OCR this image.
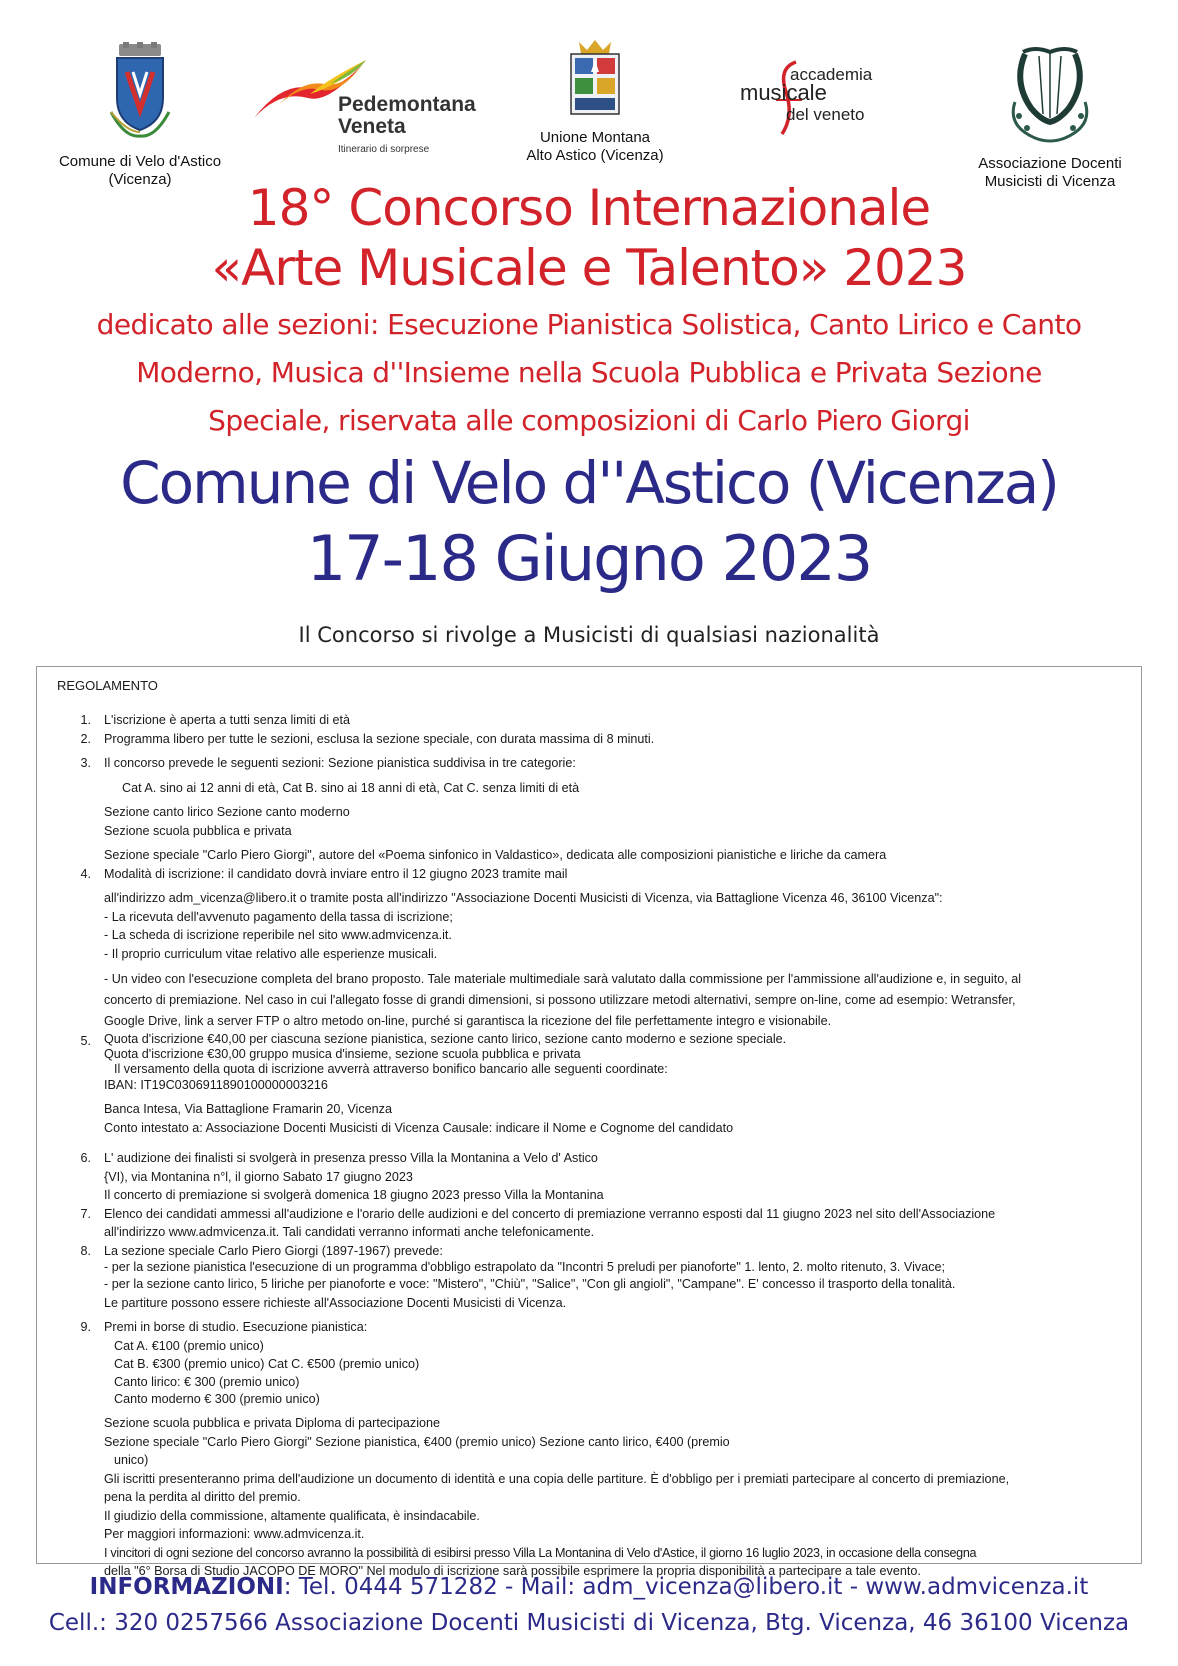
Comune di Velo d'Astico
(Vicenza)
Pedemontana
Veneta
Itinerario di sorprese
Unione Montana
Alto Astico (Vicenza)
accademia
musicale
del veneto
Associazione Docenti
Musicisti di Vicenza
18° Concorso Internazionale
«Arte Musicale e Talento» 2023
dedicato alle sezioni: Esecuzione Pianistica Solistica, Canto Lirico e Canto
Moderno, Musica d''Insieme nella Scuola Pubblica e Privata Sezione
Speciale, riservata alle composizioni di Carlo Piero Giorgi
Comune di Velo d''Astico (Vicenza)
17-18 Giugno 2023
Il Concorso si rivolge a Musicisti di qualsiasi nazionalità
REGOLAMENTO
1. L'iscrizione è aperta a tutti senza limiti di età
2. Programma libero per tutte le sezioni, esclusa la sezione speciale, con durata massima di 8 minuti.
3. Il concorso prevede le seguenti sezioni: Sezione pianistica suddivisa in tre categorie:
Cat A. sino ai 12 anni di età, Cat B. sino ai 18 anni di età, Cat C. senza limiti di età
Sezione canto lirico Sezione canto moderno
Sezione scuola pubblica e privata
Sezione speciale "Carlo Piero Giorgi", autore del «Poema sinfonico in Valdastico», dedicata alle composizioni pianistiche e liriche da camera
4. Modalità di iscrizione: il candidato dovrà inviare entro il 12 giugno 2023 tramite mail
all'indirizzo adm_vicenza@libero.it o tramite posta all'indirizzo "Associazione Docenti Musicisti di Vicenza, via Battaglione Vicenza 46, 36100 Vicenza":
- La ricevuta dell'avvenuto pagamento della tassa di iscrizione;
- La scheda di iscrizione reperibile nel sito www.admvicenza.it.
- Il proprio curriculum vitae relativo alle esperienze musicali.
- Un video con l'esecuzione completa del brano proposto. Tale materiale multimediale sarà valutato dalla commissione per l'ammissione all'audizione e, in seguito, al
concerto di premiazione. Nel caso in cui l'allegato fosse di grandi dimensioni, si possono utilizzare metodi alternativi, sempre on-line, come ad esempio: Wetransfer,
Google Drive, link a server FTP o altro metodo on-line, purché si garantisca la ricezione del file perfettamente integro e visionabile.
5. Quota d'iscrizione €40,00 per ciascuna sezione pianistica, sezione canto lirico, sezione canto moderno e sezione speciale.
Quota d'iscrizione €30,00 gruppo musica d'insieme, sezione scuola pubblica e privata
Il versamento della quota di iscrizione avverrà attraverso bonifico bancario alle seguenti coordinate:
IBAN: IT19C0306911890100000003216
Banca Intesa, Via Battaglione Framarin 20, Vicenza
Conto intestato a: Associazione Docenti Musicisti di Vicenza Causale: indicare il Nome e Cognome del candidato
6. L' audizione dei finalisti si svolgerà in presenza presso Villa la Montanina a Velo d' Astico
{VI), via Montanina n°l, il giorno Sabato 17 giugno 2023
Il concerto di premiazione si svolgerà domenica 18 giugno 2023 presso Villa la Montanina
7. Elenco dei candidati ammessi all'audizione e l'orario delle audizioni e del concerto di premiazione verranno esposti dal 11 giugno 2023 nel sito dell'Associazione
all'indirizzo www.admvicenza.it. Tali candidati verranno informati anche telefonicamente.
8. La sezione speciale Carlo Piero Giorgi (1897-1967) prevede:
- per la sezione pianistica l'esecuzione di un programma d'obbligo estrapolato da "Incontri 5 preludi per pianoforte" 1. lento, 2. molto ritenuto, 3. Vivace;
- per la sezione canto lirico, 5 liriche per pianoforte e voce: "Mistero", "Chiù", "Salice", "Con gli angioli", "Campane". E' concesso il trasporto della tonalità.
Le partiture possono essere richieste all'Associazione Docenti Musicisti di Vicenza.
9. Premi in borse di studio. Esecuzione pianistica:
Cat A. €100 (premio unico)
Cat B. €300 (premio unico) Cat C. €500 (premio unico)
Canto lirico: € 300 (premio unico)
Canto moderno € 300 (premio unico)
Sezione scuola pubblica e privata Diploma di partecipazione
Sezione speciale "Carlo Piero Giorgi" Sezione pianistica, €400 (premio unico) Sezione canto lirico, €400 (premio
unico)
Gli iscritti presenteranno prima dell'audizione un documento di identità e una copia delle partiture. È d'obbligo per i premiati partecipare al concerto di premiazione,
pena la perdita al diritto del premio.
Il giudizio della commissione, altamente qualificata, è insindacabile.
Per maggiori informazioni: www.admvicenza.it.
I vincitori di ogni sezione del concorso avranno la possibilità di esibirsi presso Villa La Montanina di Velo d'Astice, il giorno 16 luglio 2023, in occasione della consegna
della "6° Borsa di Studio JACOPO DE MORO" Nel modulo di iscrizione sarà possibile esprimere la propria disponibilità a partecipare a tale evento.
INFORMAZIONI: Tel. 0444 571282 - Mail: adm_vicenza@libero.it - www.admvicenza.it
Cell.: 320 0257566 Associazione Docenti Musicisti di Vicenza, Btg. Vicenza, 46 36100 Vicenza
